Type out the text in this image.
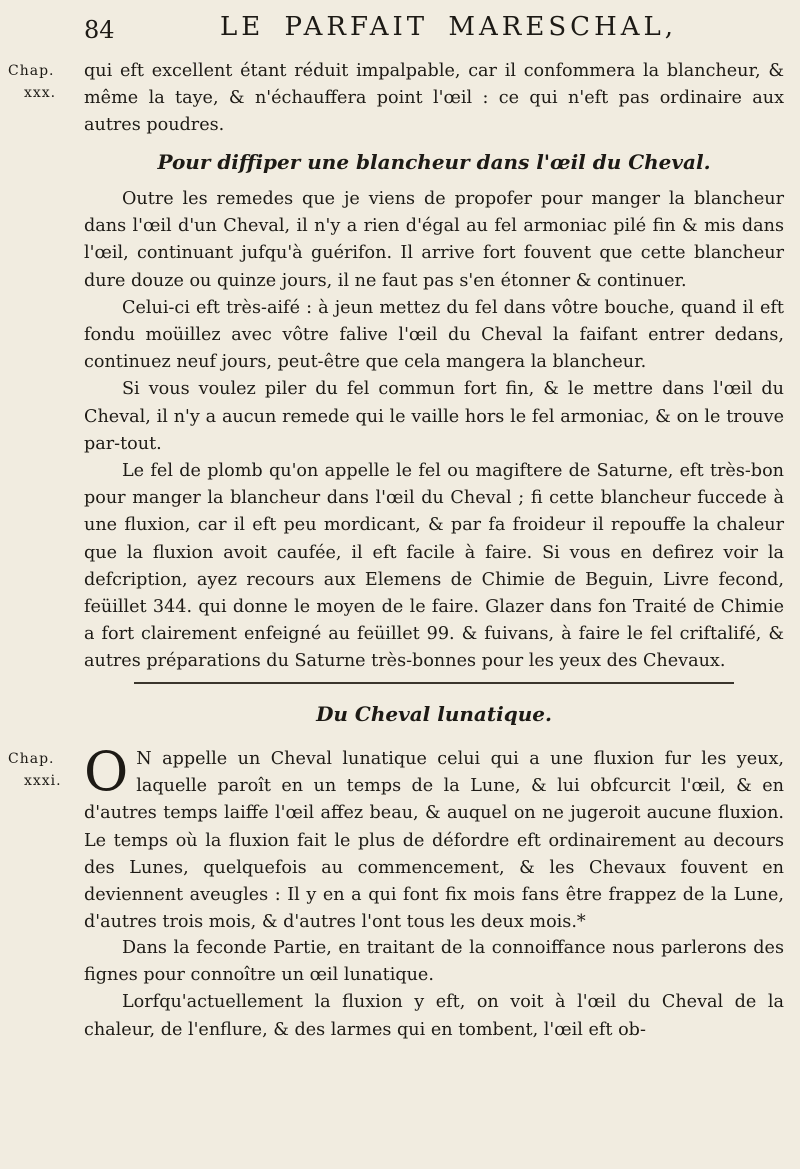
84	LE PARFAIT MARESCHAL,
Chap.
xxx.

qui eft excellent étant réduit impalpable, car il confommera la blancheur, & même la taye, & n'échauffera point l'œil : ce qui n'eft pas ordinaire aux autres poudres.

Pour diffiper une blancheur dans l'œil du Cheval.

Outre les remedes que je viens de propofer pour manger la blancheur dans l'œil d'un Cheval, il n'y a rien d'égal au fel armoniac pilé fin & mis dans l'œil, continuant jufqu'à guérifon. Il arrive fort fouvent que cette blancheur dure douze ou quinze jours, il ne faut pas s'en étonner & continuer.

Celui-ci eft très-aifé : à jeun mettez du fel dans vôtre bouche, quand il eft fondu moüillez avec vôtre falive l'œil du Cheval la faifant entrer dedans, continuez neuf jours, peut-être que cela mangera la blancheur.

Si vous voulez piler du fel commun fort fin, & le mettre dans l'œil du Cheval, il n'y a aucun remede qui le vaille hors le fel armoniac, & on le trouve par-tout.

Le fel de plomb qu'on appelle le fel ou magiftere de Saturne, eft très-bon pour manger la blancheur dans l'œil du Cheval ; fi cette blancheur fuccede à une fluxion, car il eft peu mordicant, & par fa froideur il repouffe la chaleur que la fluxion avoit caufée, il eft facile à faire. Si vous en defirez voir la defcription, ayez recours aux Elemens de Chimie de Beguin, Livre fecond, feüillet 344. qui donne le moyen de le faire. Glazer dans fon Traité de Chimie a fort clairement enfeigné au feüillet 99. & fuivans, à faire le fel criftalifé, & autres préparations du Saturne très-bonnes pour les yeux des Chevaux.

Du Cheval lunatique.
Chap.
xxxi. O N appelle un Cheval lunatique celui qui a une fluxion fur les yeux, laquelle paroît en un temps de la Lune, & lui obfcurcit l'œil, & en d'autres temps laiffe l'œil affez beau, & auquel on ne jugeroit aucune fluxion. Le temps où la fluxion fait le plus de défordre eft ordinairement au decours des Lunes, quelquefois au commencement, & les Chevaux fouvent en deviennent aveugles : Il y en a qui font fix mois fans être frappez de la Lune, d'autres trois mois, & d'autres l'ont tous les deux mois.*

Dans la feconde Partie, en traitant de la connoiffance nous parlerons des fignes pour connoître un œil lunatique.

Lorfqu'actuellement la fluxion y eft, on voit à l'œil du Cheval de la chaleur, de l'enflure, & des larmes qui en tombent, l'œil eft ob-
